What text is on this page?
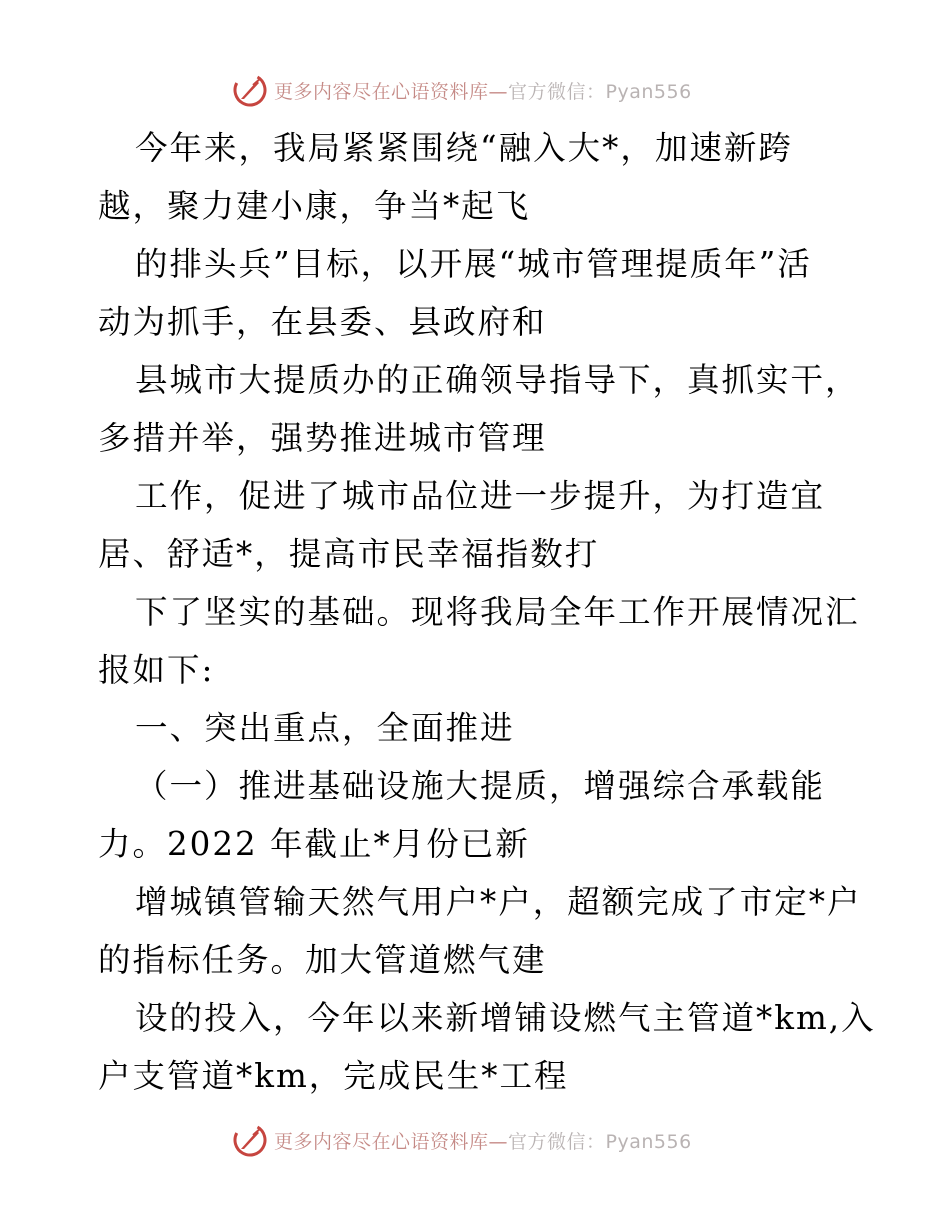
更多内容尽在心语资料库—官方微信：Pyan556
今年来，我局紧紧围绕“融入大*，加速新跨
越，聚力建小康，争当*起飞
的排头兵”目标，以开展“城市管理提质年”活
动为抓手，在县委、县政府和
县城市大提质办的正确领导指导下，真抓实干，
多措并举，强势推进城市管理
工作，促进了城市品位进一步提升，为打造宜
居、舒适*，提高市民幸福指数打
下了坚实的基础。现将我局全年工作开展情况汇
报如下:
一、突出重点，全面推进
（一）推进基础设施大提质，增强综合承载能
力。2022 年截止*月份已新
增城镇管输天然气用户*户，超额完成了市定*户
的指标任务。加大管道燃气建
设的投入，今年以来新增铺设燃气主管道*km,入
户支管道*km，完成民生*工程
更多内容尽在心语资料库—官方微信：Pyan556
